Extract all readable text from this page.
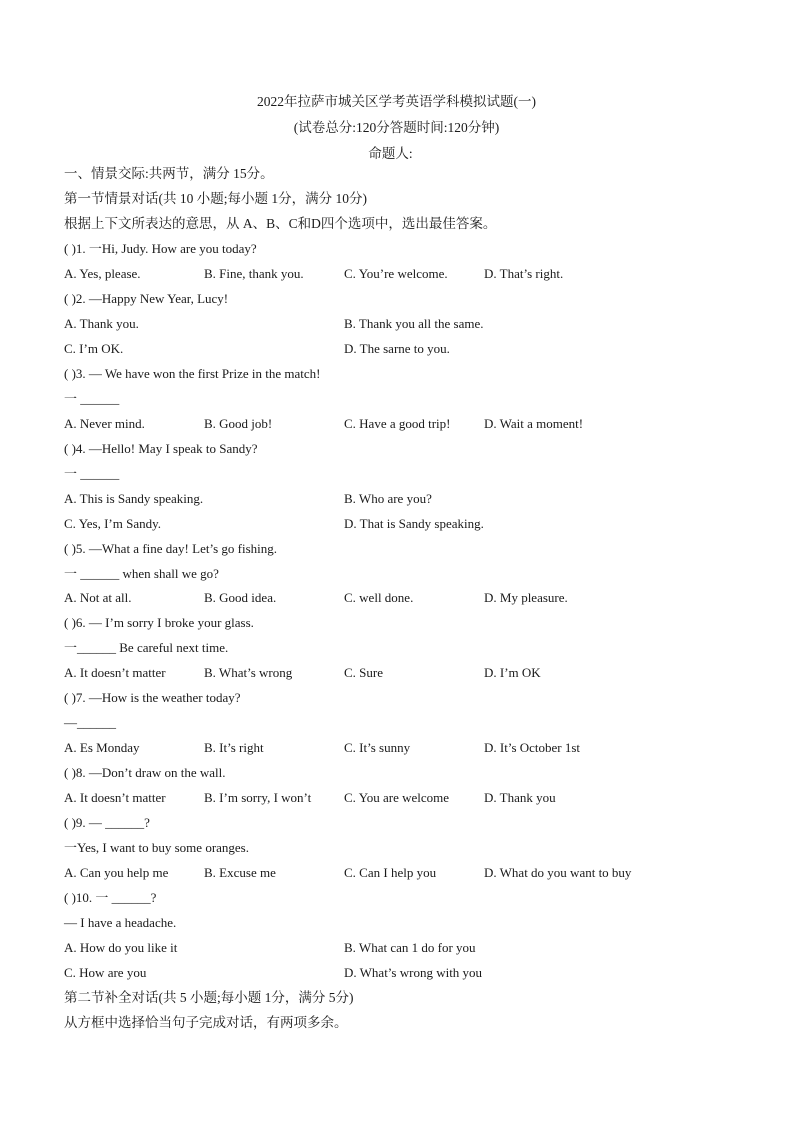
2022年拉萨市城关区学考英语学科模拟试题(一)
(试卷总分:120分答题时间:120分钟)
命题人:
一、情景交际:共两节，满分 15分。
第一节情景对话(共 10 小题;每小题 1分，满分 10分)
根据上下文所表达的意思，从 A、B、C和D四个选项中，选出最佳答案。
( )1. 一Hi, Judy. How are you today?
A. Yes, please.	B. Fine, thank you.	C. You’re welcome.	D. That’s right.
( )2. —Happy New Year, Lucy!
A. Thank you.	B. Thank you all the same.
C. I’m OK.	D. The sarne to you.
( )3. — We have won the first Prize in the match!
一 ______
A. Never mind.	B. Good job!	C. Have a good trip!	D. Wait a moment!
( )4. —Hello! May I speak to Sandy?
一 ______
A. This is Sandy speaking.	B. Who are you?
C. Yes, I’m Sandy.	D. That is Sandy speaking.
( )5. —What a fine day! Let’s go fishing.
一 ______ when shall we go?
A. Not at all.	B. Good idea.	C. well done.	D. My pleasure.
( )6. — I’m sorry I broke your glass.
一______ Be careful next time.
A. It doesn’t matter	B. What’s wrong	C. Sure	D. I’m OK
( )7. —How is the weather today?
—______
A. Es Monday	B. It’s right	C. It’s sunny	D. It’s October 1st
( )8. —Don’t draw on the wall.
A. It doesn’t matter	B. I’m sorry, I won’t	C. You are welcome	D. Thank you
( )9. — ______?
一Yes, I want to buy some oranges.
A. Can you help me	B. Excuse me	C. Can I help you	D. What do you want to buy
( )10. 一 ______?
— I have a headache.
A. How do you like it	B. What can 1 do for you
C. How are you	D. What’s wrong with you
第二节补全对话(共 5 小题;每小题 1分，满分 5分)
从方框中选择恰当句子完成对话，有两项多余。
